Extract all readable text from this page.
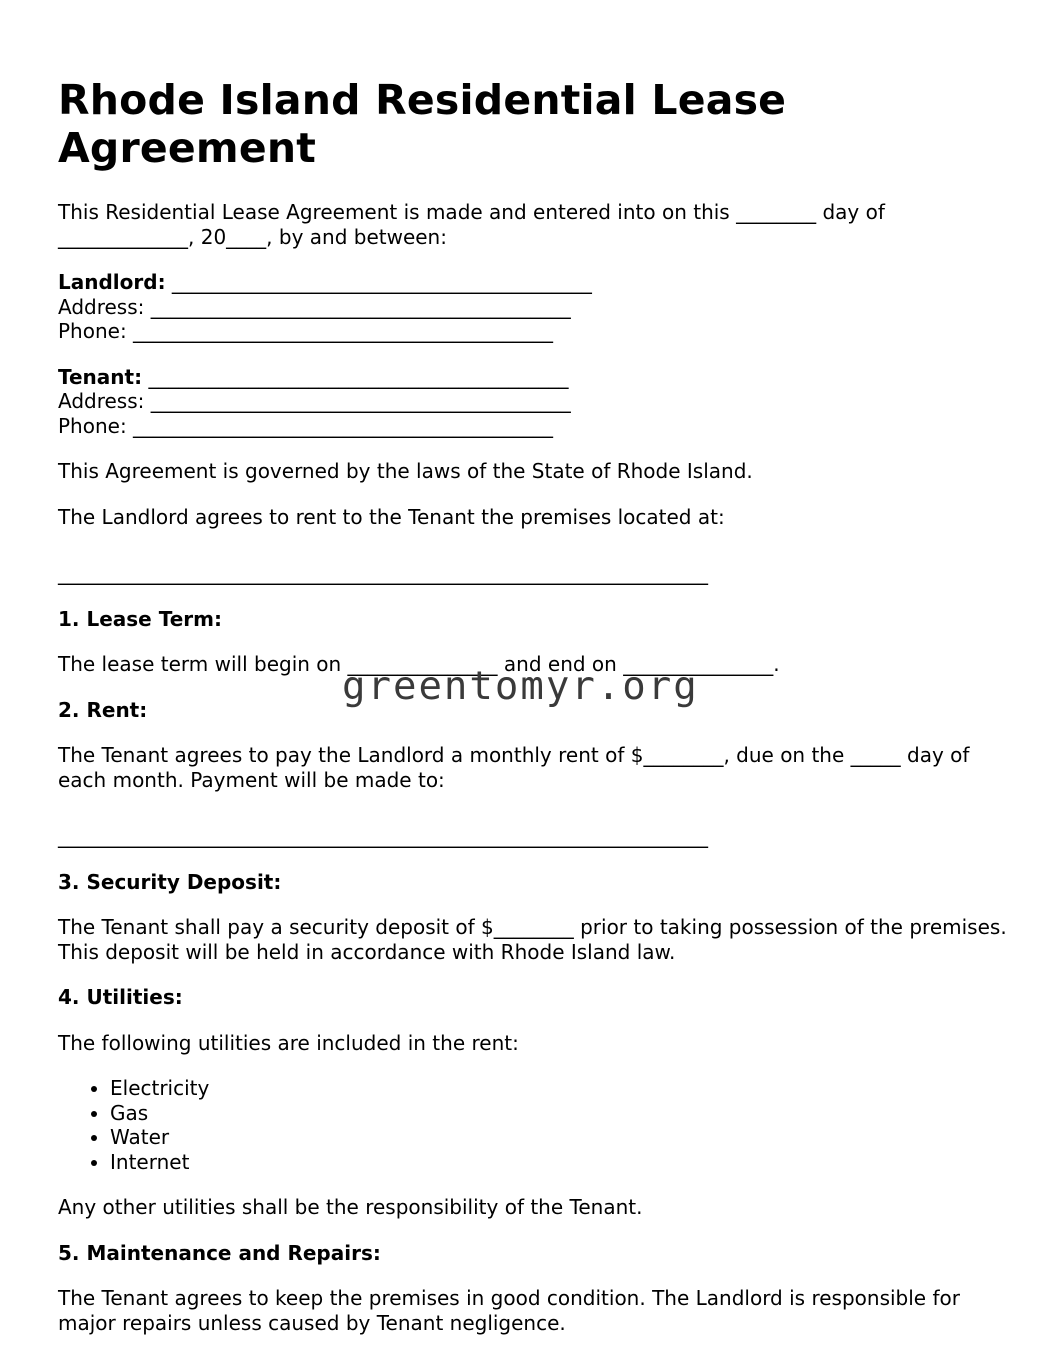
Rhode Island Residential Lease Agreement

This Residential Lease Agreement is made and entered into on this ________ day of _____________, 20____, by and between:

Landlord: __________________________________________
Address: __________________________________________
Phone: __________________________________________
Tenant: __________________________________________
Address: __________________________________________
Phone: __________________________________________

This Agreement is governed by the laws of the State of Rhode Island.

The Landlord agrees to rent to the Tenant the premises located at:

_________________________________________________________________

1. Lease Term:

The lease term will begin on _______________ and end on _______________.

2. Rent:

The Tenant agrees to pay the Landlord a monthly rent of $________, due on the _____ day of each month. Payment will be made to:

_________________________________________________________________

3. Security Deposit:

The Tenant shall pay a security deposit of $________ prior to taking possession of the premises. This deposit will be held in accordance with Rhode Island law.

4. Utilities:

The following utilities are included in the rent:

• Electricity
• Gas
• Water
• Internet

Any other utilities shall be the responsibility of the Tenant.

5. Maintenance and Repairs:

The Tenant agrees to keep the premises in good condition. The Landlord is responsible for major repairs unless caused by Tenant negligence.

greentomyr.org
